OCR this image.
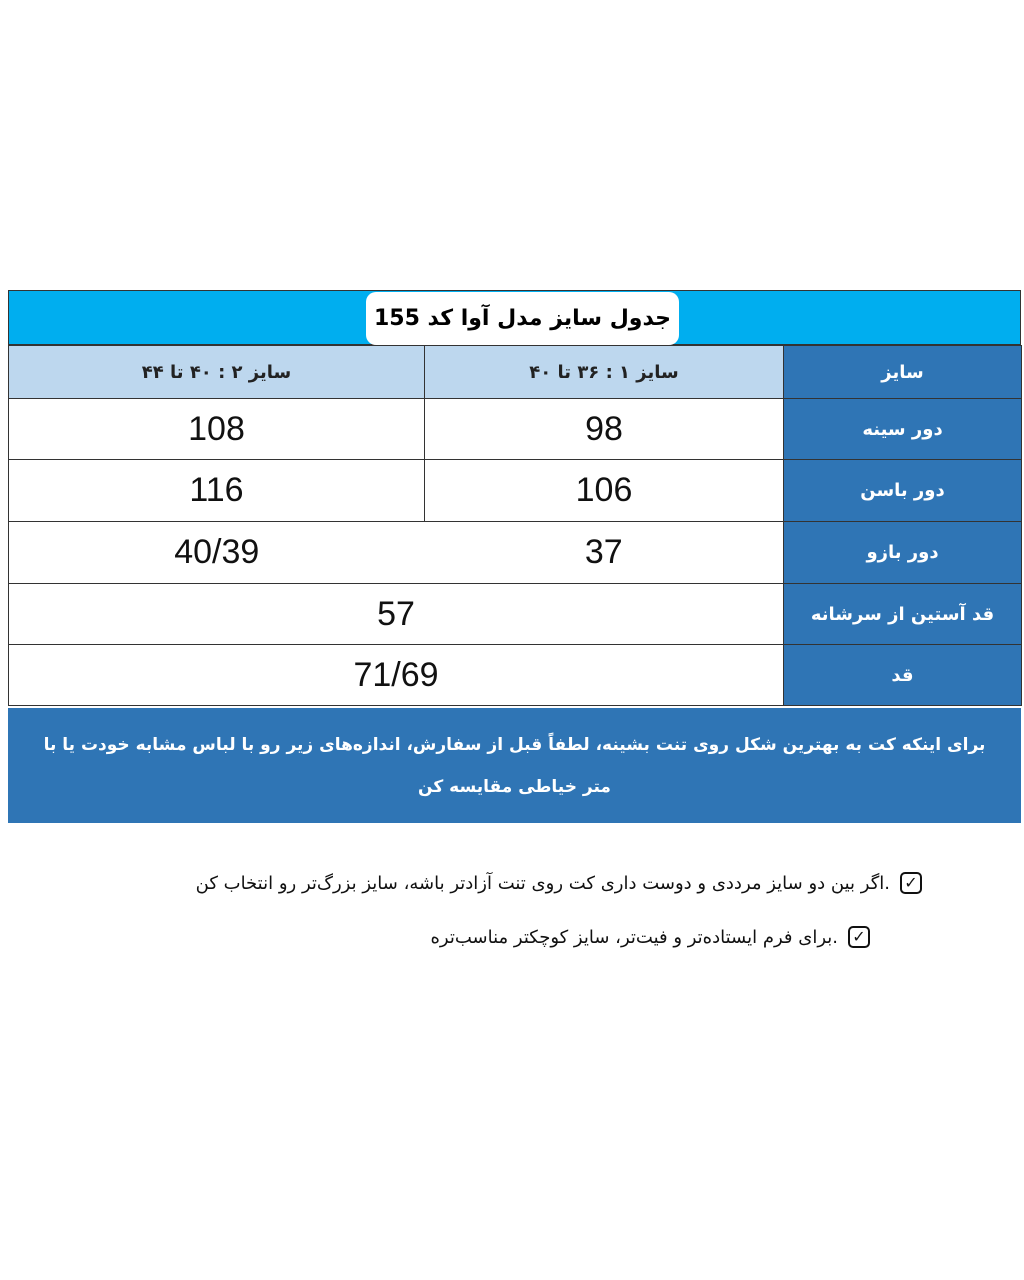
جدول سایز مدل آوا کد 155
سایز ۲ : ۴۰ تا ۴۴	سایز ۱ : ۳۶ تا ۴۰	سایز
108	98	دور سینه
116	106	دور باسن
40/39	37	دور بازو
57		قد آستین از سرشانه
71/69		قد
برای اینکه کت به بهترین شکل روی تنت بشینه، لطفاً قبل از سفارش، اندازه‌های زیر رو با لباس مشابه خودت یا با متر خیاطی مقایسه کن
✓
.اگر بین دو سایز مرددی و دوست داری کت روی تنت آزادتر باشه، سایز بزرگ‌تر رو انتخاب کن
✓
.برای فرم ایستاده‌تر و فیت‌تر، سایز کوچکتر مناسب‌تره
